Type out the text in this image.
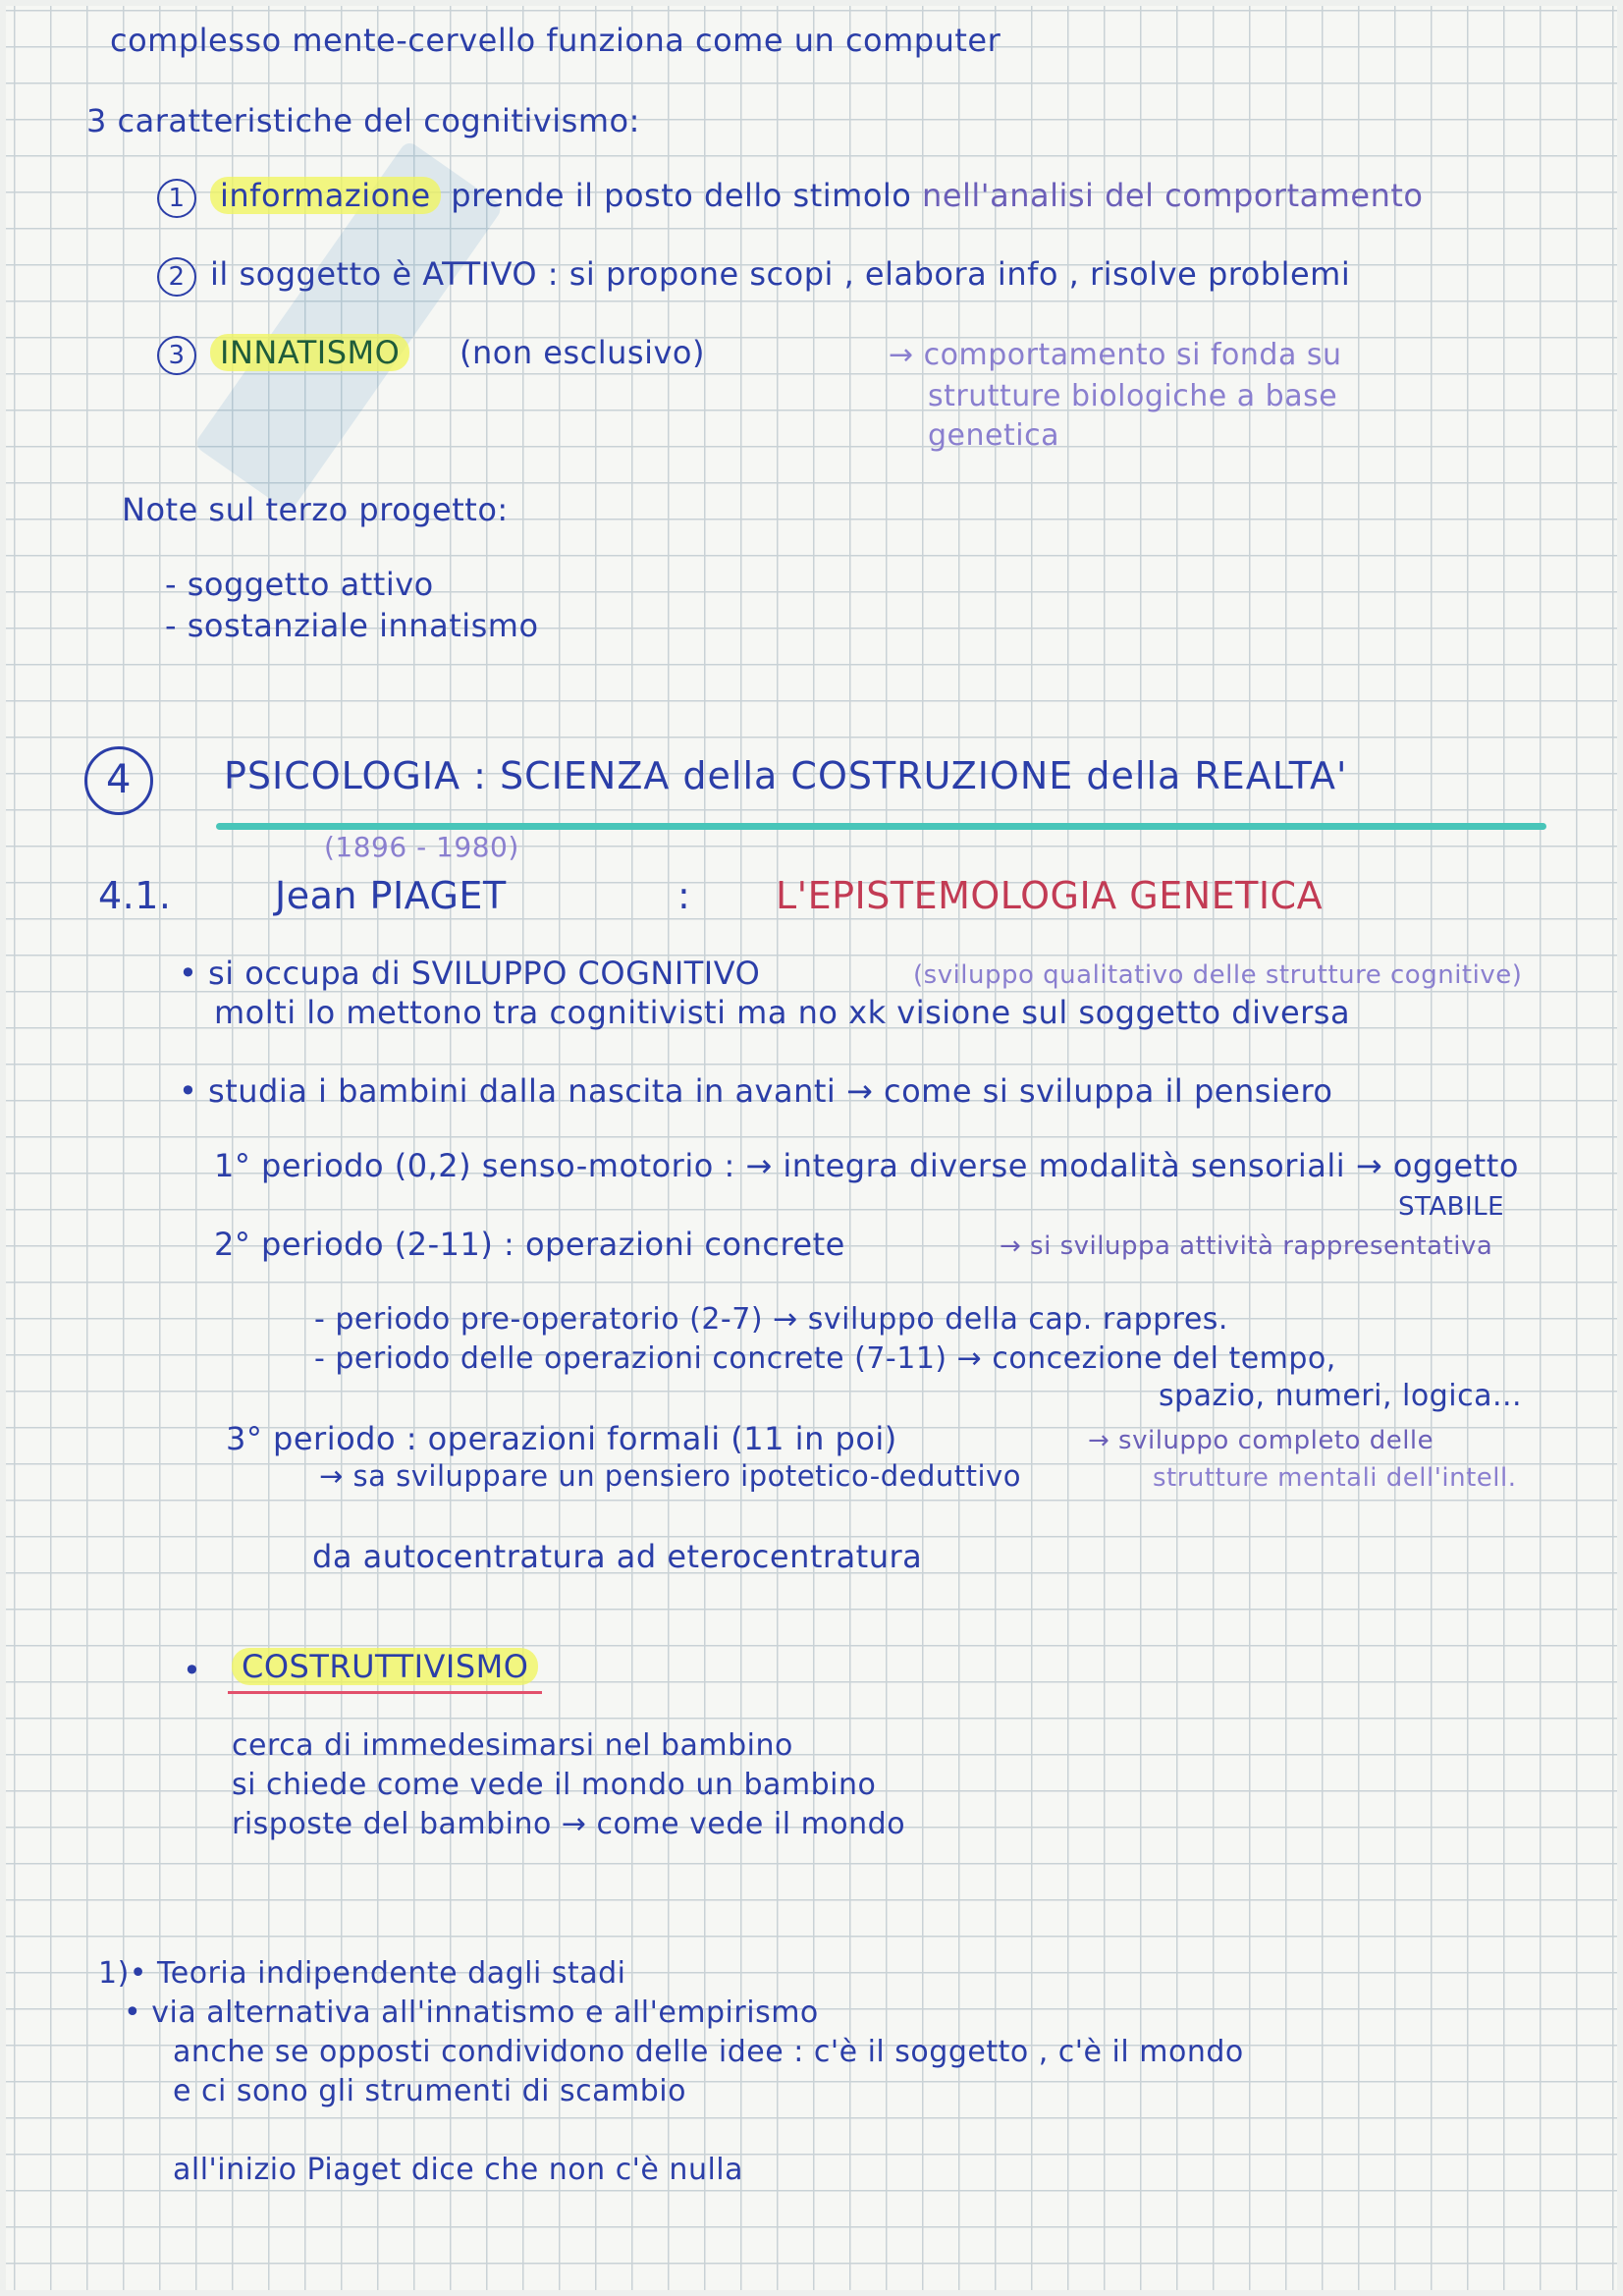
complesso mente-cervello funziona come un computer
3 caratteristiche del cognitivismo:
1 informazione prende il posto dello stimolo nell'analisi del comportamento
2 il soggetto è ATTIVO : si propone scopi , elabora info , risolve problemi
3 INNATISMO (non esclusivo)	→ comportamento si fonda su
strutture biologiche a base
genetica
Note sul terzo progetto:
- soggetto attivo
- sostanziale innatismo
4	PSICOLOGIA : SCIENZA della COSTRUZIONE della REALTA'
(1896 - 1980)
4.1.	Jean PIAGET	: L'EPISTEMOLOGIA GENETICA
• si occupa di SVILUPPO COGNITIVO	(sviluppo qualitativo delle strutture cognitive)
molti lo mettono tra cognitivisti ma no xk visione sul soggetto diversa
• studia i bambini dalla nascita in avanti → come si sviluppa il pensiero
1° periodo (0,2) senso-motorio : → integra diverse modalità sensoriali → oggetto
STABILE
2° periodo (2-11) : operazioni concrete	→ si sviluppa attività rappresentativa
- periodo pre-operatorio (2-7) → sviluppo della cap. rappres.
- periodo delle operazioni concrete (7-11) → concezione del tempo,
spazio, numeri, logica...
3° periodo : operazioni formali (11 in poi)	→ sviluppo completo delle
strutture mentali dell'intell.
→ sa sviluppare un pensiero ipotetico-deduttivo
da autocentratura ad eterocentratura
•	COSTRUTTIVISMO
cerca di immedesimarsi nel bambino
si chiede come vede il mondo un bambino
risposte del bambino → come vede il mondo
1)• Teoria indipendente dagli stadi
• via alternativa all'innatismo e all'empirismo
anche se opposti condividono delle idee : c'è il soggetto , c'è il mondo
e ci sono gli strumenti di scambio
all'inizio Piaget dice che non c'è nulla
